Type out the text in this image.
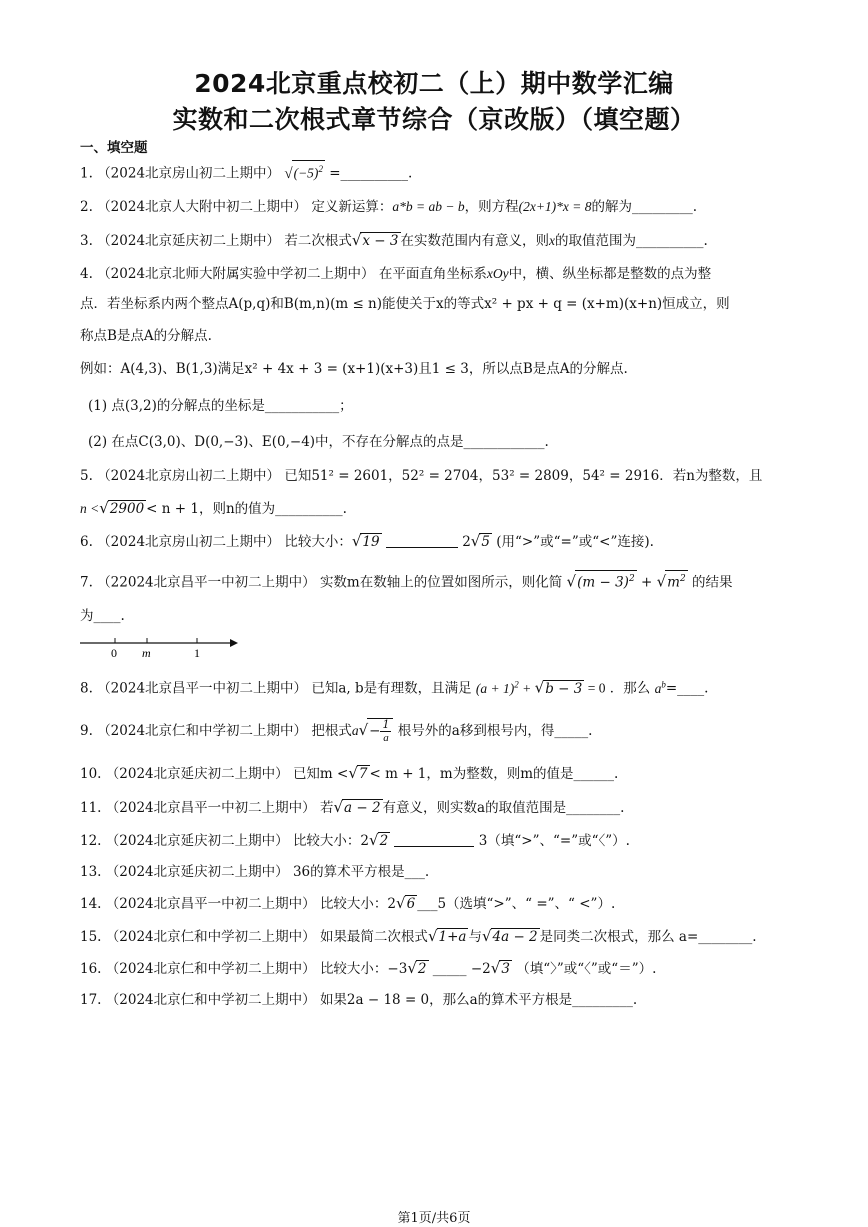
2024北京重点校初二（上）期中数学汇编
实数和二次根式章节综合（京改版）（填空题）
一、填空题
1. （2024北京房山初二上期中） $√(-5)^2$ =__________.
2. （2024北京人大附中初二上期中） 定义新运算：a*b = ab − b，则方程(2x+1)*x = 8的解为_________.
3. （2024北京延庆初二上期中） 若二次根式√x − 3 在实数范围内有意义，则x的取值范围为__________.
4. （2024北京北师大附属实验中学初二上期中） 在平面直角坐标系xOy中，横、纵坐标都是整数的点为整
点．若坐标系内两个整点A(p,q)和B(m,n)(m ≤ n)能使关于x的等式x² + px + q = (x+m)(x+n)恒成立，则
称点B是点A的分解点.
例如：A(4,3)、B(1,3)满足x² + 4x + 3 = (x+1)(x+3)且1 ≤ 3，所以点B是点A的分解点.
(1) 点(3,2)的分解点的坐标是___________；
(2) 在点C(3,0)、D(0,−3)、E(0,−4)中，不存在分解点的点是____________.
5. （2024北京房山初二上期中） 已知51² = 2601，52² = 2704，53² = 2809，54² = 2916．若n为整数，且
n <√2900 < n + 1，则n的值为__________.
6. （2024北京房山初二上期中） 比较大小：√19	2√5 (用“>”或“=”或“<”连接).
7. （22024北京昌平一中初二上期中） 实数m在数轴上的位置如图所示，则化简 $√(m - 3)^2 + √m^2$ 的结果
为____.
0 m	1
8. （2024北京昌平一中初二上期中） 已知a, b是有理数，且满足 $(a + 1)^2 + √b - 3 = 0$ ．那么 $a^b=\_\_\_\_$.
9. （2024北京仁和中学初二上期中） 把根式$a√- \frac{1}{a}$ 根号外的a移到根号内，得_____.
10. （2024北京延庆初二上期中） 已知m <√7 < m + 1，m为整数，则m的值是______.
11. （2024北京昌平一中初二上期中） 若√a − 2 有意义，则实数a的取值范围是________.
12. （2024北京延庆初二上期中） 比较大小：2√2	3（填“>”、“=”或“〈”）.
13. （2024北京延庆初二上期中） 36的算术平方根是___.
14. （2024北京昌平一中初二上期中） 比较大小：2√6 ___5（选填“>”、“ =”、“ <”）.
15. （2024北京仁和中学初二上期中） 如果最简二次根式√1+a 与√4a − 2 是同类二次根式，那么 a=________.
16. （2024北京仁和中学初二上期中） 比较大小：−3√2 _____ −2√3 （填“〉”或“〈”或“＝”）.
17. （2024北京仁和中学初二上期中） 如果2a − 18 = 0，那么a的算术平方根是_________.
第1页/共6页
